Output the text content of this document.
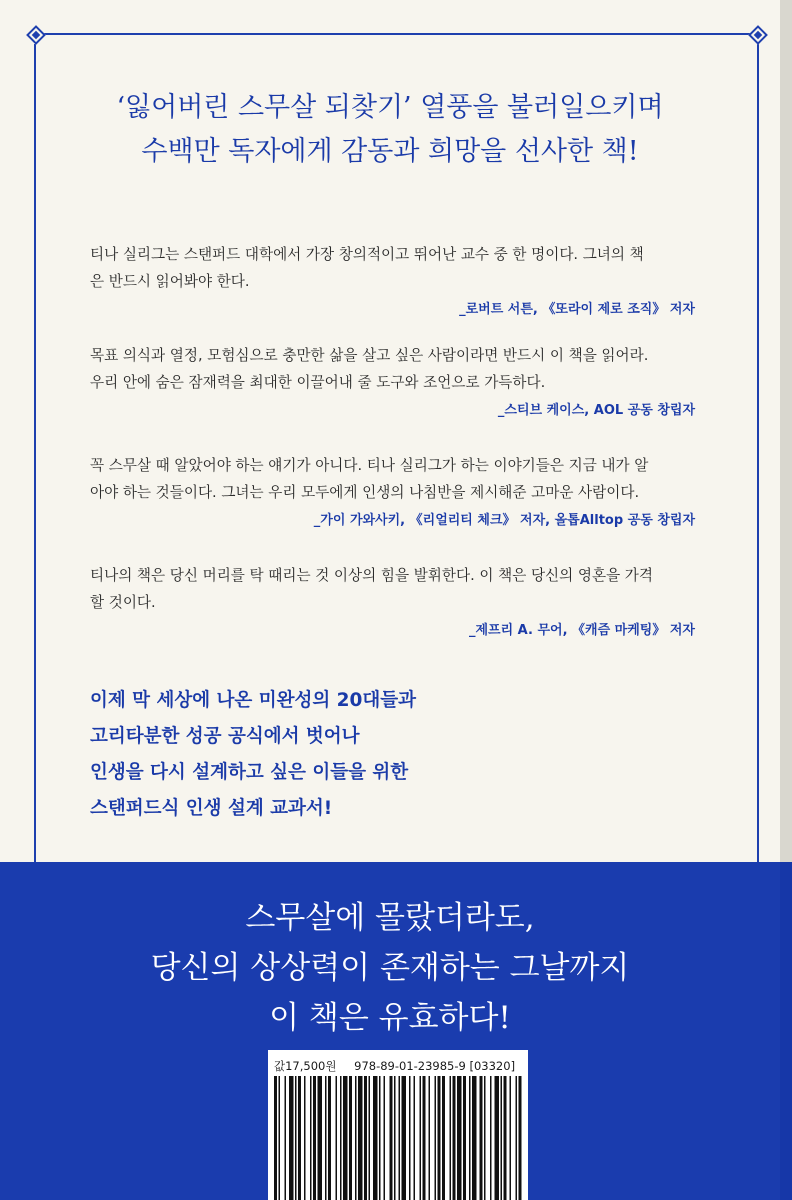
‘잃어버린 스무살 되찾기’ 열풍을 불러일으키며
수백만 독자에게 감동과 희망을 선사한 책!

티나 실리그는 스탠퍼드 대학에서 가장 창의적이고 뛰어난 교수 중 한 명이다. 그녀의 책
은 반드시 읽어봐야 한다.

_로버트 서튼, 《또라이 제로 조직》 저자

목표 의식과 열정, 모험심으로 충만한 삶을 살고 싶은 사람이라면 반드시 이 책을 읽어라.
우리 안에 숨은 잠재력을 최대한 이끌어내 줄 도구와 조언으로 가득하다.

_스티브 케이스, AOL 공동 창립자

꼭 스무살 때 알았어야 하는 얘기가 아니다. 티나 실리그가 하는 이야기들은 지금 내가 알
아야 하는 것들이다. 그녀는 우리 모두에게 인생의 나침반을 제시해준 고마운 사람이다.

_가이 가와사키, 《리얼리티 체크》 저자, 올톱Alltop 공동 창립자

티나의 책은 당신 머리를 탁 때리는 것 이상의 힘을 발휘한다. 이 책은 당신의 영혼을 가격
할 것이다.

_제프리 A. 무어, 《캐즘 마케팅》 저자
이제 막 세상에 나온 미완성의 20대들과
고리타분한 성공 공식에서 벗어나
인생을 다시 설계하고 싶은 이들을 위한
스탠퍼드식 인생 설계 교과서!
스무살에 몰랐더라도,
당신의 상상력이 존재하는 그날까지
이 책은 유효하다!
값17,500원 978-89-01-23985-9 [03320]
